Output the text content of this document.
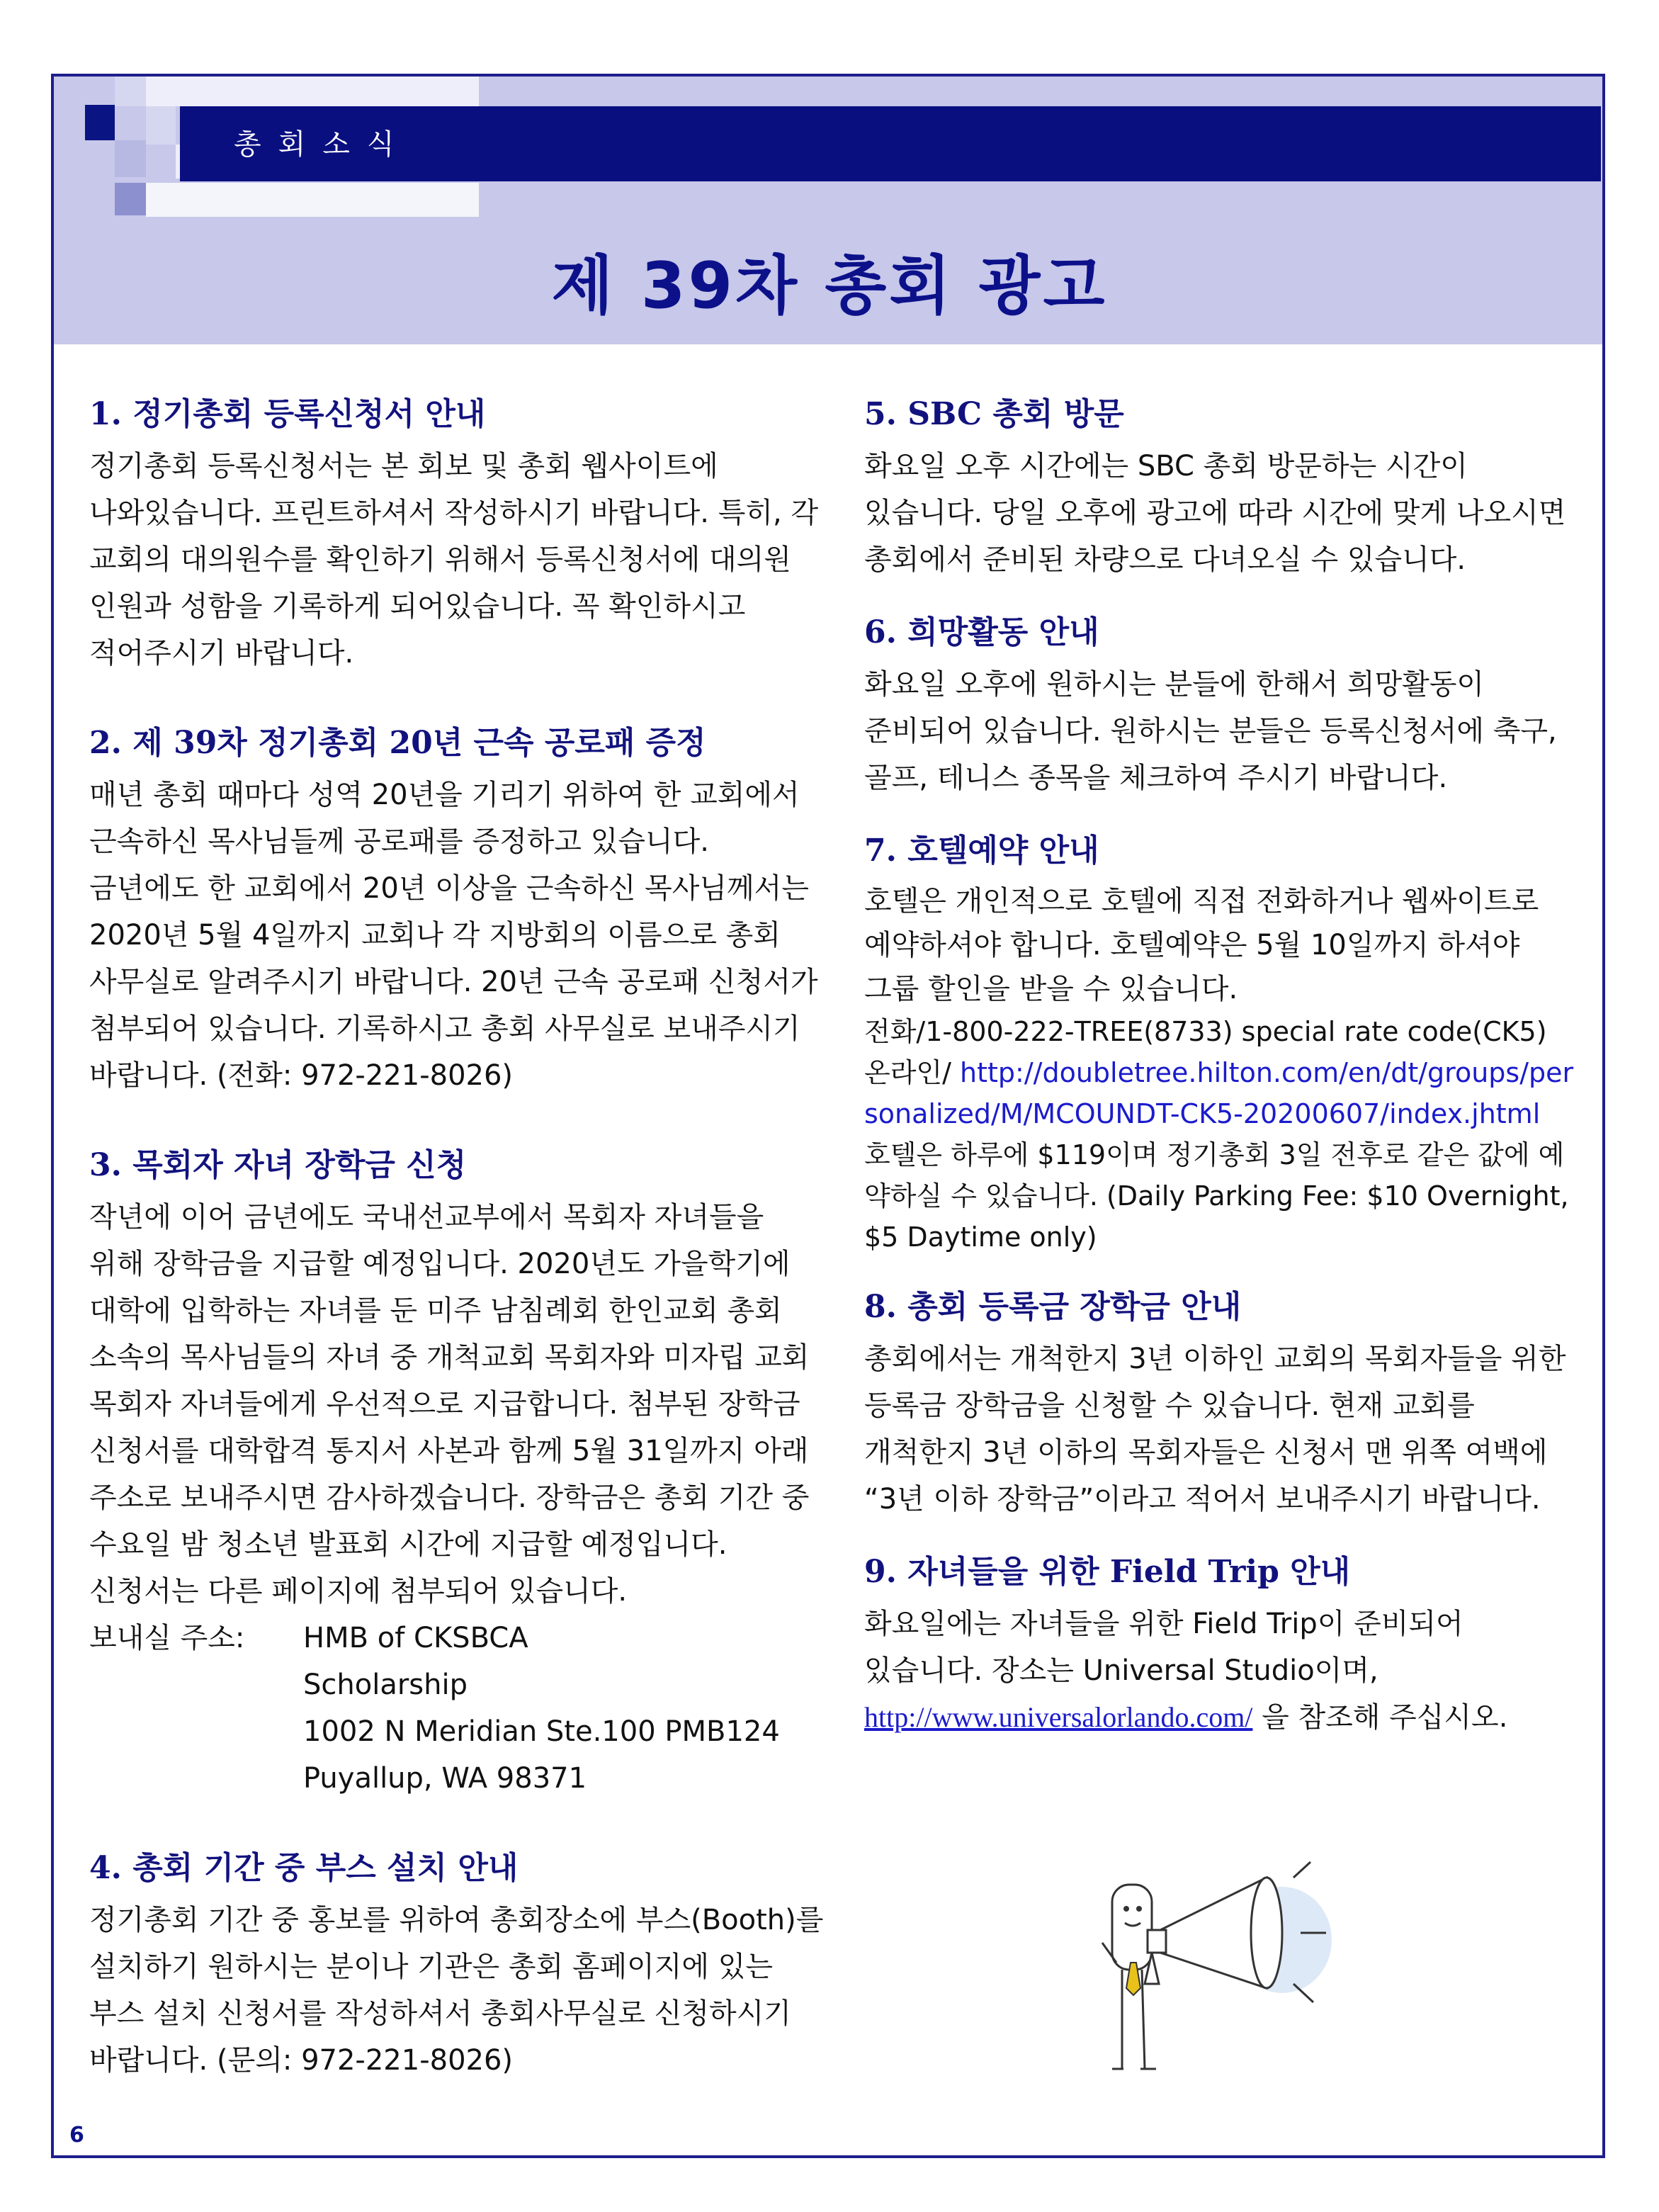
총회소식
제 39차 총회 광고
1. 정기총회 등록신청서 안내

정기총회 등록신청서는 본 회보 및 총회 웹사이트에 나와있습니다. 프린트하셔서 작성하시기 바랍니다. 특히, 각 교회의 대의원수를 확인하기 위해서 등록신청서에 대의원 인원과 성함을 기록하게 되어있습니다. 꼭 확인하시고 적어주시기 바랍니다.

2. 제 39차 정기총회 20년 근속 공로패 증정

매년 총회 때마다 성역 20년을 기리기 위하여 한 교회에서 근속하신 목사님들께 공로패를 증정하고 있습니다. 금년에도 한 교회에서 20년 이상을 근속하신 목사님께서는 2020년 5월 4일까지 교회나 각 지방회의 이름으로 총회 사무실로 알려주시기 바랍니다. 20년 근속 공로패 신청서가 첨부되어 있습니다. 기록하시고 총회 사무실로 보내주시기 바랍니다. (전화: 972-221-8026)

3. 목회자 자녀 장학금 신청

작년에 이어 금년에도 국내선교부에서 목회자 자녀들을 위해 장학금을 지급할 예정입니다. 2020년도 가을학기에 대학에 입학하는 자녀를 둔 미주 남침례회 한인교회 총회 소속의 목사님들의 자녀 중 개척교회 목회자와 미자립 교회 목회자 자녀들에게 우선적으로 지급합니다. 첨부된 장학금 신청서를 대학합격 통지서 사본과 함께 5월 31일까지 아래 주소로 보내주시면 감사하겠습니다. 장학금은 총회 기간 중 수요일 밤 청소년 발표회 시간에 지급할 예정입니다. 신청서는 다른 페이지에 첨부되어 있습니다.

보내실 주소:	HMB of CKSBCA
Scholarship
1002 N Meridian Ste.100 PMB124
Puyallup, WA 98371
4. 총회 기간 중 부스 설치 안내

정기총회 기간 중 홍보를 위하여 총회장소에 부스(Booth)를 설치하기 원하시는 분이나 기관은 총회 홈페이지에 있는 부스 설치 신청서를 작성하셔서 총회사무실로 신청하시기 바랍니다. (문의: 972-221-8026)

5. SBC 총회 방문

화요일 오후 시간에는 SBC 총회 방문하는 시간이 있습니다. 당일 오후에 광고에 따라 시간에 맞게 나오시면 총회에서 준비된 차량으로 다녀오실 수 있습니다.

6. 희망활동 안내

화요일 오후에 원하시는 분들에 한해서 희망활동이 준비되어 있습니다. 원하시는 분들은 등록신청서에 축구, 골프, 테니스 종목을 체크하여 주시기 바랍니다.

7. 호텔예약 안내

호텔은 개인적으로 호텔에 직접 전화하거나 웹싸이트로 예약하셔야 합니다. 호텔예약은 5월 10일까지 하셔야 그룹 할인을 받을 수 있습니다.

전화/1-800-222-TREE(8733) special rate code(CK5)

온라인/ http://doubletree.hilton.com/en/dt/groups/personalized/M/MCOUNDT-CK5-20200607/index.jhtml

호텔은 하루에 $119이며 정기총회 3일 전후로 같은 값에 예약하실 수 있습니다. (Daily Parking Fee: $10 Overnight, $5 Daytime only)

8. 총회 등록금 장학금 안내

총회에서는 개척한지 3년 이하인 교회의 목회자들을 위한 등록금 장학금을 신청할 수 있습니다. 현재 교회를 개척한지 3년 이하의 목회자들은 신청서 맨 위쪽 여백에 “3년 이하 장학금”이라고 적어서 보내주시기 바랍니다.

9. 자녀들을 위한 Field Trip 안내

화요일에는 자녀들을 위한 Field Trip이 준비되어 있습니다. 장소는 Universal Studio이며, http://www.universalorlando.com/ 을 참조해 주십시오.

6
